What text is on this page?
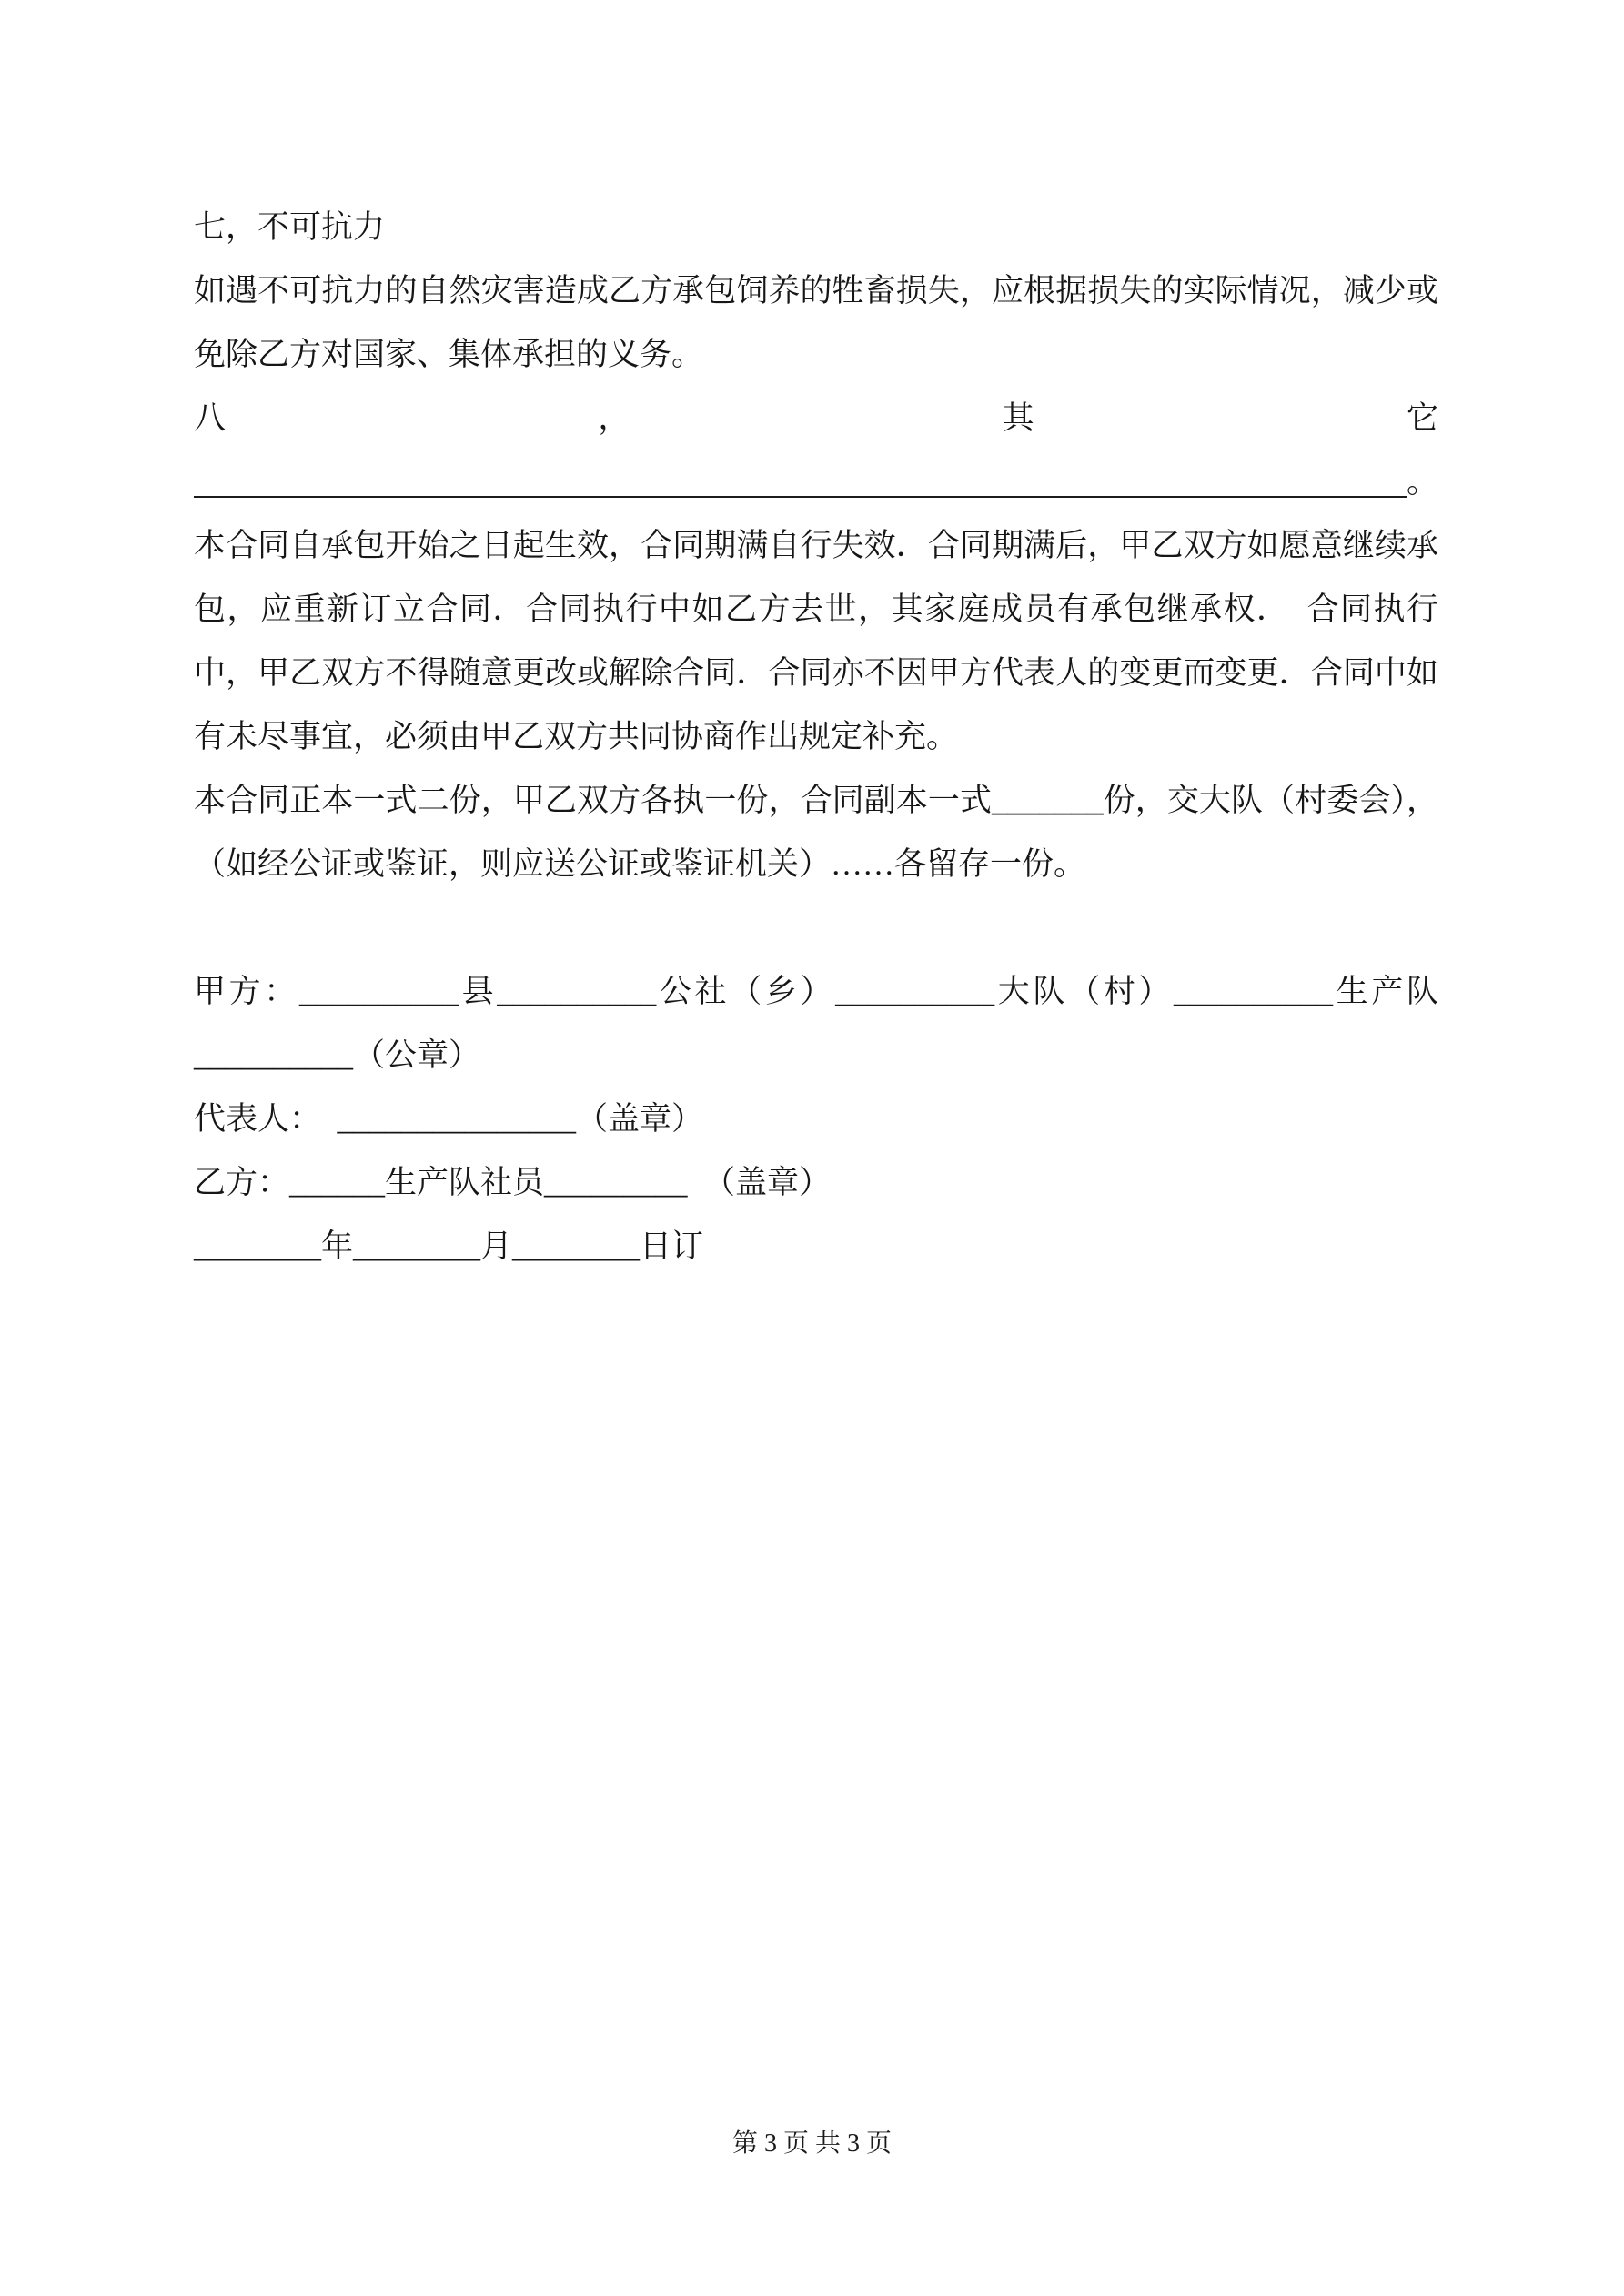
七，不可抗力

如遇不可抗力的自然灾害造成乙方承包饲养的牲畜损失，应根据损失的实际情况，减少或免除乙方对国家、集体承担的义务。

八	，	其	它
。

本合同自承包开始之日起生效，合同期满自行失效．合同期满后，甲乙双方如愿意继续承包，应重新订立合同．合同执行中如乙方去世，其家庭成员有承包继承权．　合同执行中，甲乙双方不得随意更改或解除合同．合同亦不因甲方代表人的变更而变更．合同中如有未尽事宜，必须由甲乙双方共同协商作出规定补充。

本合同正本一式二份，甲乙双方各执一份，合同副本一式_______份，交大队（村委会），（如经公证或鉴证，则应送公证或鉴证机关）……各留存一份。

甲方：__________县__________公社（乡）__________大队（村）__________生产队__________（公章）

代表人：　_______________（盖章）

乙方：______生产队社员_________　（盖章）

________年________月________日订

第 3 页 共 3 页
